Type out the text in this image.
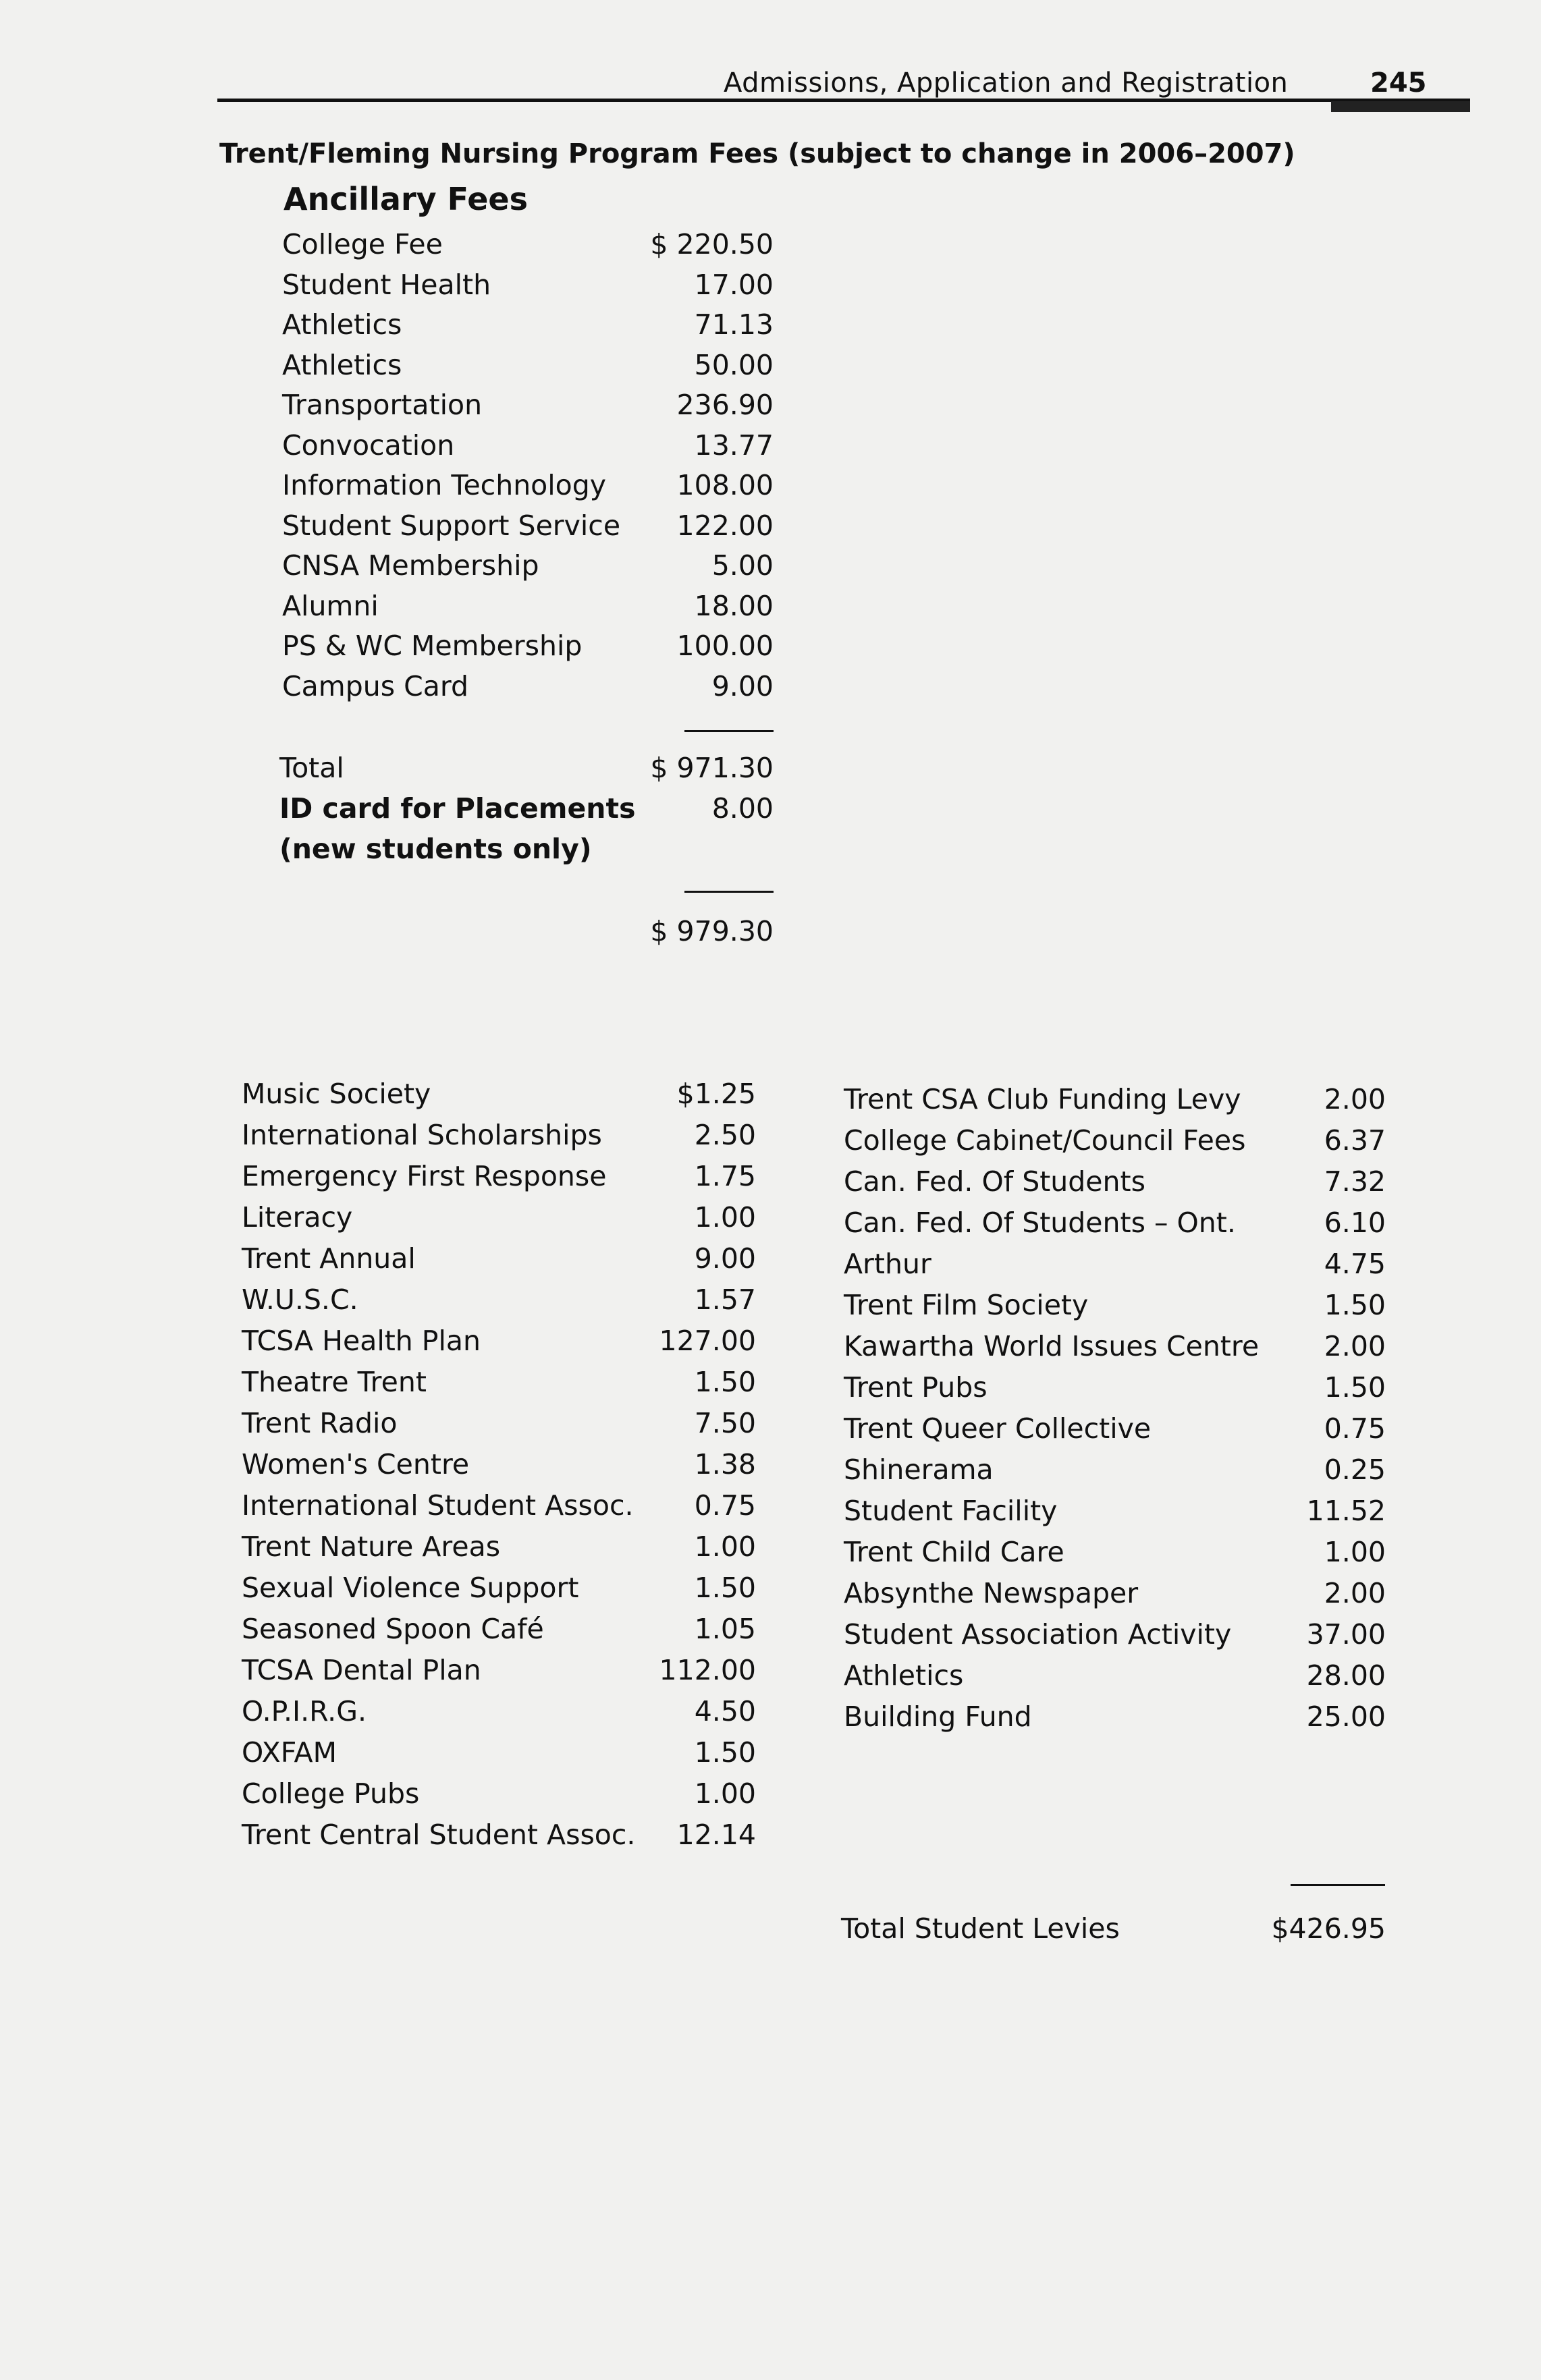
Admissions, Application and Registration	245
Trent/Fleming Nursing Program Fees (subject to change in 2006–2007)
Ancillary Fees
College Fee	$ 220.50
Student Health	17.00
Athletics	71.13
Athletics	50.00
Transportation	236.90
Convocation	13.77
Information Technology	108.00
Student Support Service 122.00
CNSA Membership	5.00
Alumni	18.00
PS & WC Membership	100.00
Campus Card	9.00
Total	$ 971.30
ID card for Placements	8.00
(new students only)
$ 979.30
Music Society	$1.25
International Scholarships	2.50
Emergency First Response	1.75
Literacy	1.00
Trent Annual	9.00
W.U.S.C.	1.57
TCSA Health Plan	127.00
Theatre Trent	1.50
Trent Radio	7.50
Women's Centre	1.38
International Student Assoc. 0.75
Trent Nature Areas	1.00
Sexual Violence Support	1.50
Seasoned Spoon Café	1.05
TCSA Dental Plan	112.00
O.P.I.R.G.	4.50
OXFAM	1.50
College Pubs	1.00
Trent Central Student Assoc. 12.14
Trent CSA Club Funding Levy	2.00
College Cabinet/Council Fees	6.37
Can. Fed. Of Students	7.32
Can. Fed. Of Students – Ont.	6.10
Arthur	4.75
Trent Film Society	1.50
Kawartha World Issues Centre 2.00
Trent Pubs	1.50
Trent Queer Collective	0.75
Shinerama	0.25
Student Facility	11.52
Trent Child Care	1.00
Absynthe Newspaper	2.00
Student Association Activity	37.00
Athletics	28.00
Building Fund	25.00
Total Student Levies	$426.95
